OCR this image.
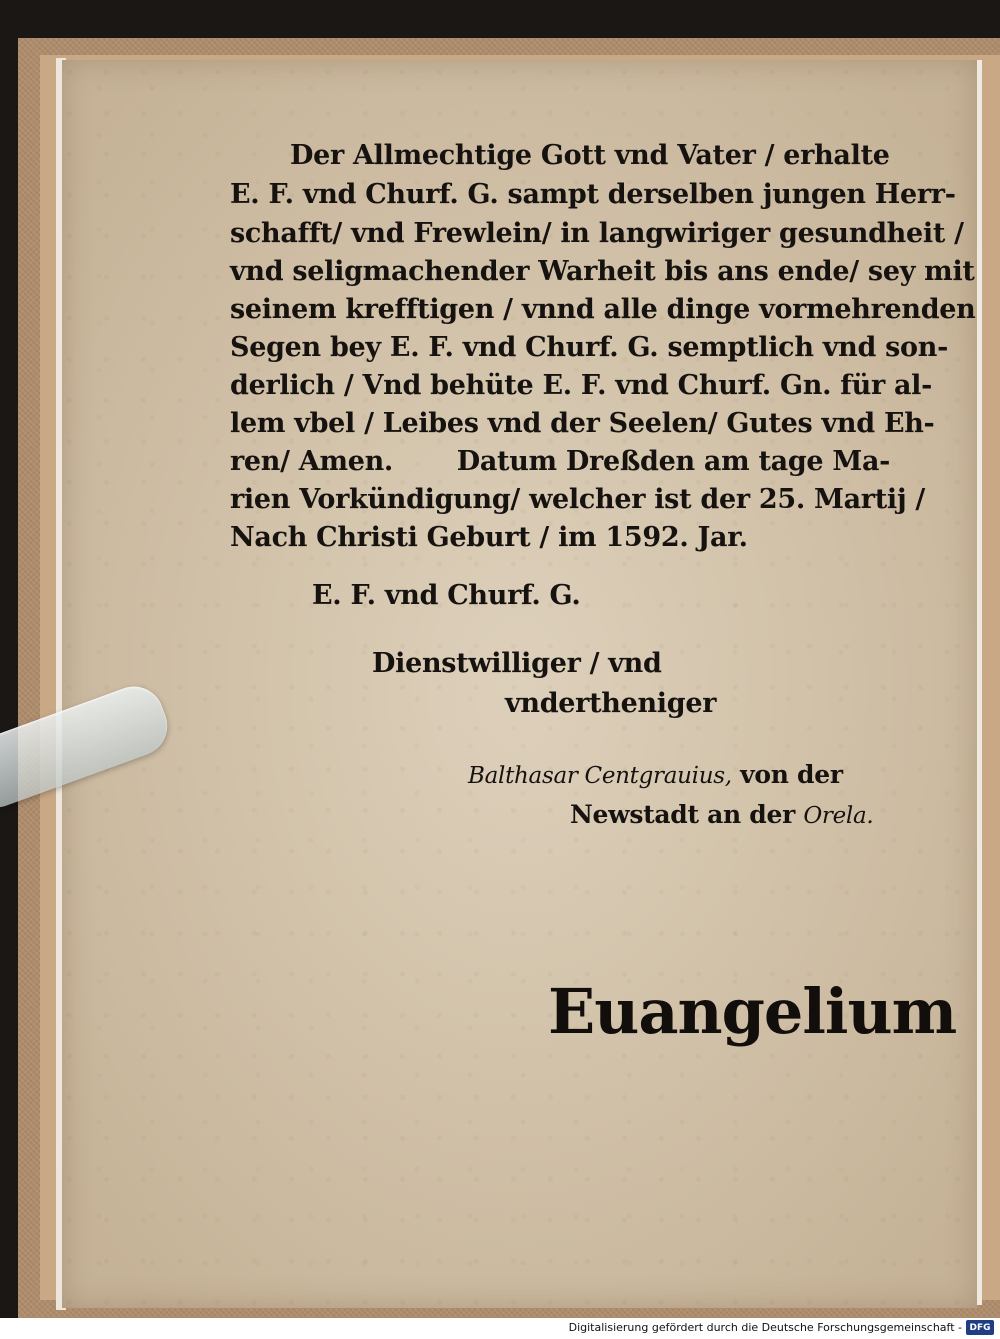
Der Allmechtige Gott vnd Vater / erhalte
E. F. vnd Churf. G. sampt derselben jungen Herr-
schafft/ vnd Frewlein/ in langwiriger gesundheit /
vnd seligmachender Warheit bis ans ende/ sey mit
seinem krefftigen / vnnd alle dinge vormehrenden
Segen bey E. F. vnd Churf. G. semptlich vnd son-
derlich / Vnd behüte E. F. vnd Churf. Gn. für al-
lem vbel / Leibes vnd der Seelen/ Gutes vnd Eh-
ren/ Amen.       Datum Dreßden am tage Ma-
rien Vorkündigung/ welcher ist der 25. Martij /
Nach Christi Geburt / im 1592. Jar.
E. F. vnd Churf. G.
Dienstwilliger / vnd
vndertheniger
Balthasar Centgrauius, von der
Newstadt an der Orela.
Euangelium
Digitalisierung gefördert durch die Deutsche Forschungsgemeinschaft - DFG
